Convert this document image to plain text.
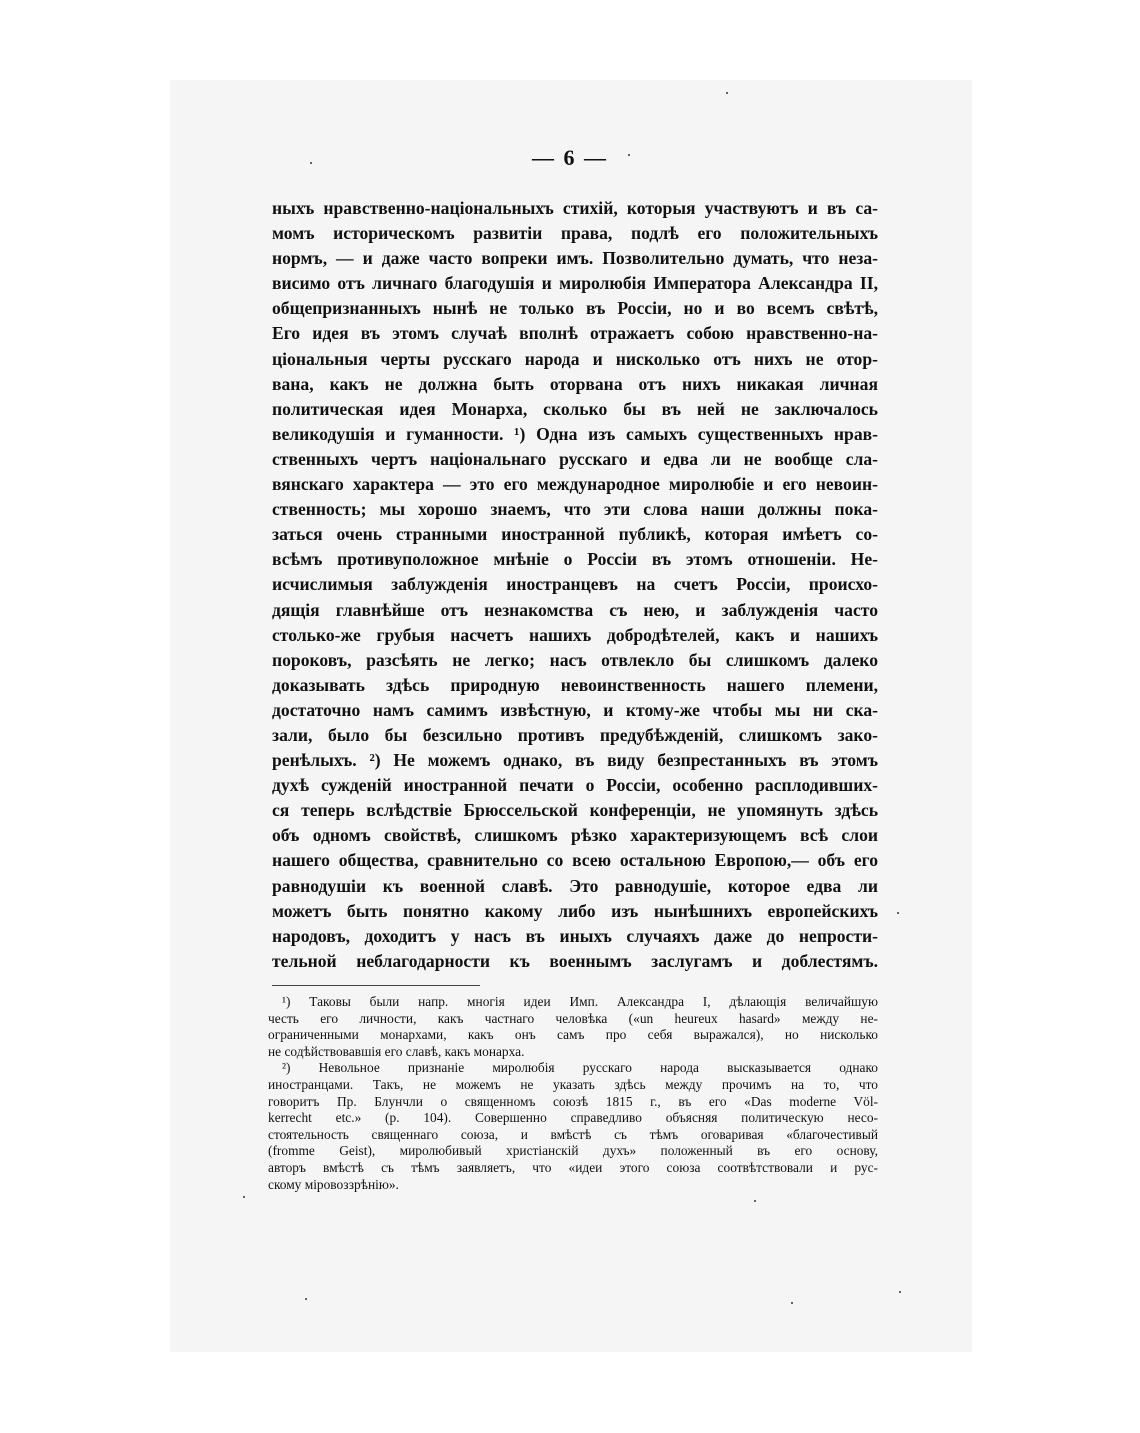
— 6 —
ныхъ нравственно-національныхъ стихій, которыя участвуютъ и въ са-
момъ историческомъ развитіи права, подлѣ его положительныхъ
нормъ, — и даже часто вопреки имъ. Позволительно думать, что неза-
висимо отъ личнаго благодушія и миролюбія Императора Александра II,
общепризнанныхъ нынѣ не только въ Россіи, но и во всемъ свѣтѣ,
Его идея въ этомъ случаѣ вполнѣ отражаетъ собою нравственно-на-
ціональныя черты русскаго народа и нисколько отъ нихъ не отор-
вана, какъ не должна быть оторвана отъ нихъ никакая личная
политическая идея Монарха, сколько бы въ ней не заключалось
великодушія и гуманности. ¹) Одна изъ самыхъ существенныхъ нрав-
ственныхъ чертъ національнаго русскаго и едва ли не вообще сла-
вянскаго характера — это его международное миролюбіе и его невоин-
ственность; мы хорошо знаемъ, что эти слова наши должны пока-
заться очень странными иностранной публикѣ, которая имѣетъ со-
всѣмъ противуположное мнѣніе о Россіи въ этомъ отношеніи. Не-
исчислимыя заблужденія иностранцевъ на счетъ Россіи, происхо-
дящія главнѣйше отъ незнакомства съ нею, и заблужденія часто
столько-же грубыя насчетъ нашихъ добродѣтелей, какъ и нашихъ
пороковъ, разсѣять не легко; насъ отвлекло бы слишкомъ далеко
доказывать здѣсь природную невоинственность нашего племени,
достаточно намъ самимъ извѣстную, и ктому-же чтобы мы ни ска-
зали, было бы безсильно противъ предубѣжденій, слишкомъ зако-
ренѣлыхъ. ²) Не можемъ однако, въ виду безпрестанныхъ въ этомъ
духѣ сужденій иностранной печати о Россіи, особенно расплодивших-
ся теперь вслѣдствіе Брюссельской конференціи, не упомянуть здѣсь
объ одномъ свойствѣ, слишкомъ рѣзко характеризующемъ всѣ слои
нашего общества, сравнительно со всею остальною Европою,— объ его
равнодушіи къ военной славѣ. Это равнодушіе, которое едва ли
можетъ быть понятно какому либо изъ нынѣшнихъ европейскихъ
народовъ, доходитъ у насъ въ иныхъ случаяхъ даже до непрости-
тельной неблагодарности къ военнымъ заслугамъ и доблестямъ.
¹) Таковы были напр. многія идеи Имп. Александра I, дѣлающія величайшую
честь его личности, какъ частнаго человѣка («un heureux hasard» между не-
ограниченными монархами, какъ онъ самъ про себя выражался), но нисколько
не содѣйствовавшія его славѣ, какъ монарха.
²) Невольное признаніе миролюбія русскаго народа высказывается однако
иностранцами. Такъ, не можемъ не указать здѣсь между прочимъ на то, что
говоритъ Пр. Блунчли о священномъ союзѣ 1815 г., въ его «Das moderne Völ-
kerrecht etc.» (p. 104). Совершенно справедливо объясняя политическую несо-
стоятельность священнаго союза, и вмѣстѣ съ тѣмъ оговаривая «благочестивый
(fromme Geist), миролюбивый христіанскій духъ» положенный въ его основу,
авторъ вмѣстѣ съ тѣмъ заявляетъ, что «идеи этого союза соотвѣтствовали и рус-
скому міровоззрѣнію».
